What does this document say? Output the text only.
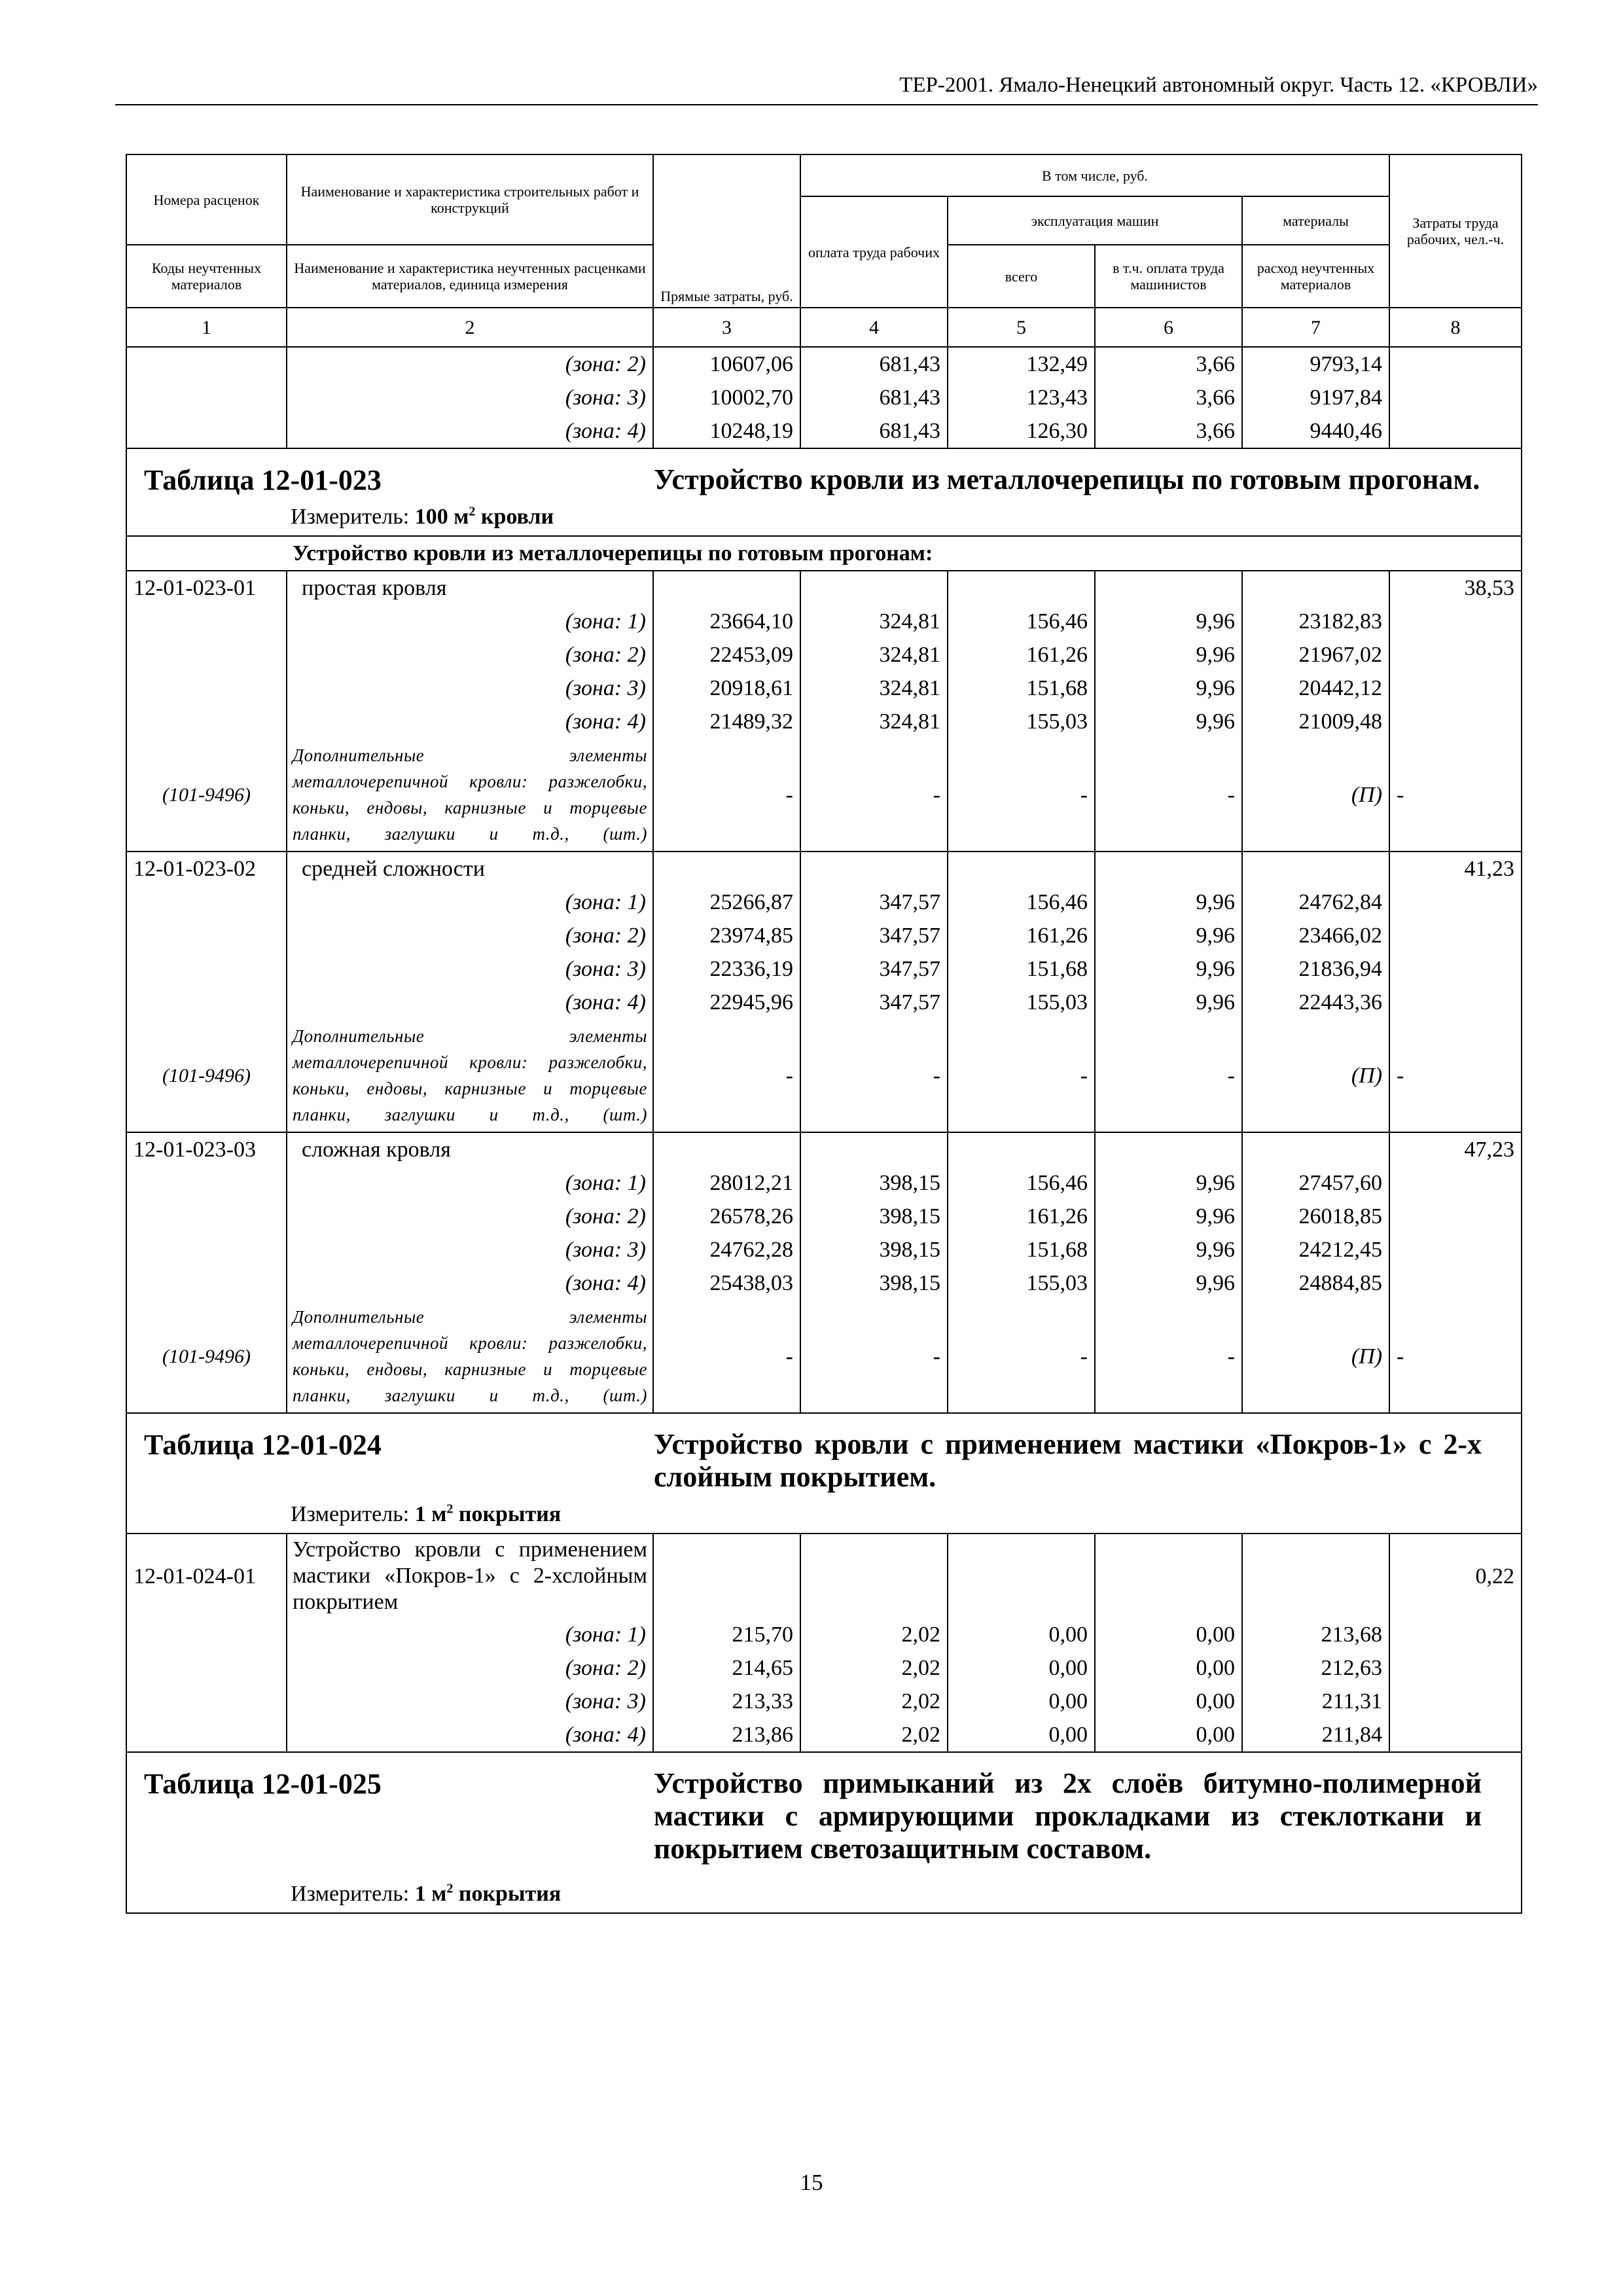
ТЕР-2001. Ямало-Ненецкий автономный округ. Часть 12. «КРОВЛИ»
Номера расценок	Наименование и характеристика строительных работ и конструкций	Прямые затраты, руб.	В том числе, руб.				Затраты труда рабочих, чел.-ч.
			оплата труда рабочих	эксплуатация машин		материалы	
Коды неучтенных материалов	Наименование и характеристика неучтенных расценками материалов, единица измерения			всего	в т.ч. оплата труда машинистов	расход неучтенных материалов	
1	2	3	4	5	6	7	8
	(зона: 2)	10607,06	681,43	132,49	3,66	9793,14	
	(зона: 3)	10002,70	681,43	123,43	3,66	9197,84	
	(зона: 4)	10248,19	681,43	126,30	3,66	9440,46	

Таблица 12-01-023 Устройство кровли из металлочерепицы по готовым прогонам.
Измеритель: 100 $м^2$ кровли							

Устройство кровли из металлочерепицы по готовым прогонам:							
12-01-023-01	простая кровля						38,53
	(зона: 1)	23664,10	324,81	156,46	9,96	23182,83	
	(зона: 2)	22453,09	324,81	161,26	9,96	21967,02	
	(зона: 3)	20918,61	324,81	151,68	9,96	20442,12	
	(зона: 4)	21489,32	324,81	155,03	9,96	21009,48	
(101-9496)	Дополнительные элементы металлочерепичной кровли: разжелобки, коньки, ендовы, карнизные и торцевые планки, заглушки и т.д., (шт.)	-	-	-	-	(П)	-
12-01-023-02	средней сложности						41,23
	(зона: 1)	25266,87	347,57	156,46	9,96	24762,84	
	(зона: 2)	23974,85	347,57	161,26	9,96	23466,02	
	(зона: 3)	22336,19	347,57	151,68	9,96	21836,94	
	(зона: 4)	22945,96	347,57	155,03	9,96	22443,36	
(101-9496)	Дополнительные элементы металлочерепичной кровли: разжелобки, коньки, ендовы, карнизные и торцевые планки, заглушки и т.д., (шт.)	-	-	-	-	(П)	-
12-01-023-03	сложная кровля						47,23
	(зона: 1)	28012,21	398,15	156,46	9,96	27457,60	
	(зона: 2)	26578,26	398,15	161,26	9,96	26018,85	
	(зона: 3)	24762,28	398,15	151,68	9,96	24212,45	
	(зона: 4)	25438,03	398,15	155,03	9,96	24884,85	
(101-9496)	Дополнительные элементы металлочерепичной кровли: разжелобки, коньки, ендовы, карнизные и торцевые планки, заглушки и т.д., (шт.)	-	-	-	-	(П)	-

Таблица 12-01-024 Устройство кровли с применением мастики «Покров-1» с 2-х слойным покрытием.
Измеритель: 1 $м^2$ покрытия							

12-01-024-01	Устройство кровли с применением мастики «Покров-1» с 2-хслойным покрытием						0,22
	(зона: 1)	215,70	2,02	0,00	0,00	213,68	
	(зона: 2)	214,65	2,02	0,00	0,00	212,63	
	(зона: 3)	213,33	2,02	0,00	0,00	211,31	
	(зона: 4)	213,86	2,02	0,00	0,00	211,84	

Таблица 12-01-025 Устройство примыканий из 2х слоёв битумно-полимерной мастики с армирующими прокладками из стеклоткани и покрытием светозащитным составом.
Измеритель: 1 $м^2$ покрытия							
15
